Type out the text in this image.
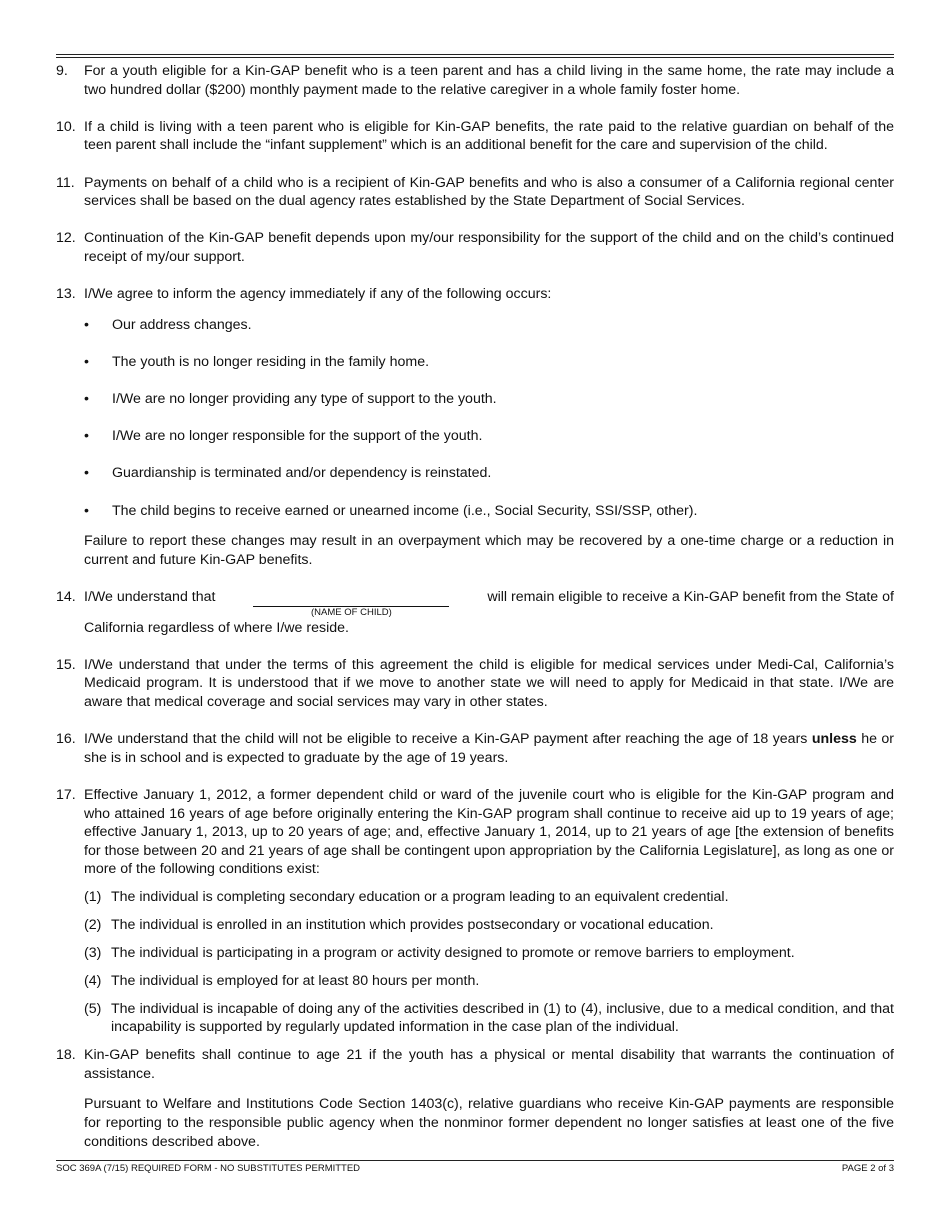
9. For a youth eligible for a Kin-GAP benefit who is a teen parent and has a child living in the same home, the rate may include a two hundred dollar ($200) monthly payment made to the relative caregiver in a whole family foster home.
10. If a child is living with a teen parent who is eligible for Kin-GAP benefits, the rate paid to the relative guardian on behalf of the teen parent shall include the “infant supplement” which is an additional benefit for the care and supervision of the child.
11. Payments on behalf of a child who is a recipient of Kin-GAP benefits and who is also a consumer of a California regional center services shall be based on the dual agency rates established by the State Department of Social Services.
12. Continuation of the Kin-GAP benefit depends upon my/our responsibility for the support of the child and on the child’s continued receipt of my/our support.
13. I/We agree to inform the agency immediately if any of the following occurs:
• Our address changes.
• The youth is no longer residing in the family home.
• I/We are no longer providing any type of support to the youth.
• I/We are no longer responsible for the support of the youth.
• Guardianship is terminated and/or dependency is reinstated.
• The child begins to receive earned or unearned income (i.e., Social Security, SSI/SSP, other).
Failure to report these changes may result in an overpayment which may be recovered by a one-time charge or a reduction in current and future Kin-GAP benefits.
14. I/We understand that
(NAME OF CHILD)
will remain eligible to receive a Kin-GAP benefit from the State of
California regardless of where I/we reside.
15. I/We understand that under the terms of this agreement the child is eligible for medical services under Medi-Cal, California’s Medicaid program. It is understood that if we move to another state we will need to apply for Medicaid in that state. I/We are aware that medical coverage and social services may vary in other states.
16. I/We understand that the child will not be eligible to receive a Kin-GAP payment after reaching the age of 18 years unless he or she is in school and is expected to graduate by the age of 19 years.
17. Effective January 1, 2012, a former dependent child or ward of the juvenile court who is eligible for the Kin-GAP program and who attained 16 years of age before originally entering the Kin-GAP program shall continue to receive aid up to 19 years of age; effective January 1, 2013, up to 20 years of age; and, effective January 1, 2014, up to 21 years of age [the extension of benefits for those between 20 and 21 years of age shall be contingent upon appropriation by the California Legislature], as long as one or more of the following conditions exist:
(1) The individual is completing secondary education or a program leading to an equivalent credential.
(2) The individual is enrolled in an institution which provides postsecondary or vocational education.
(3) The individual is participating in a program or activity designed to promote or remove barriers to employment.
(4) The individual is employed for at least 80 hours per month.
(5) The individual is incapable of doing any of the activities described in (1) to (4), inclusive, due to a medical condition, and that incapability is supported by regularly updated information in the case plan of the individual.
18. Kin-GAP benefits shall continue to age 21 if the youth has a physical or mental disability that warrants the continuation of assistance.
Pursuant to Welfare and Institutions Code Section 1403(c), relative guardians who receive Kin-GAP payments are responsible for reporting to the responsible public agency when the nonminor former dependent no longer satisfies at least one of the five conditions described above.
SOC 369A (7/15) REQUIRED FORM - NO SUBSTITUTES PERMITTED	PAGE 2 of 3
